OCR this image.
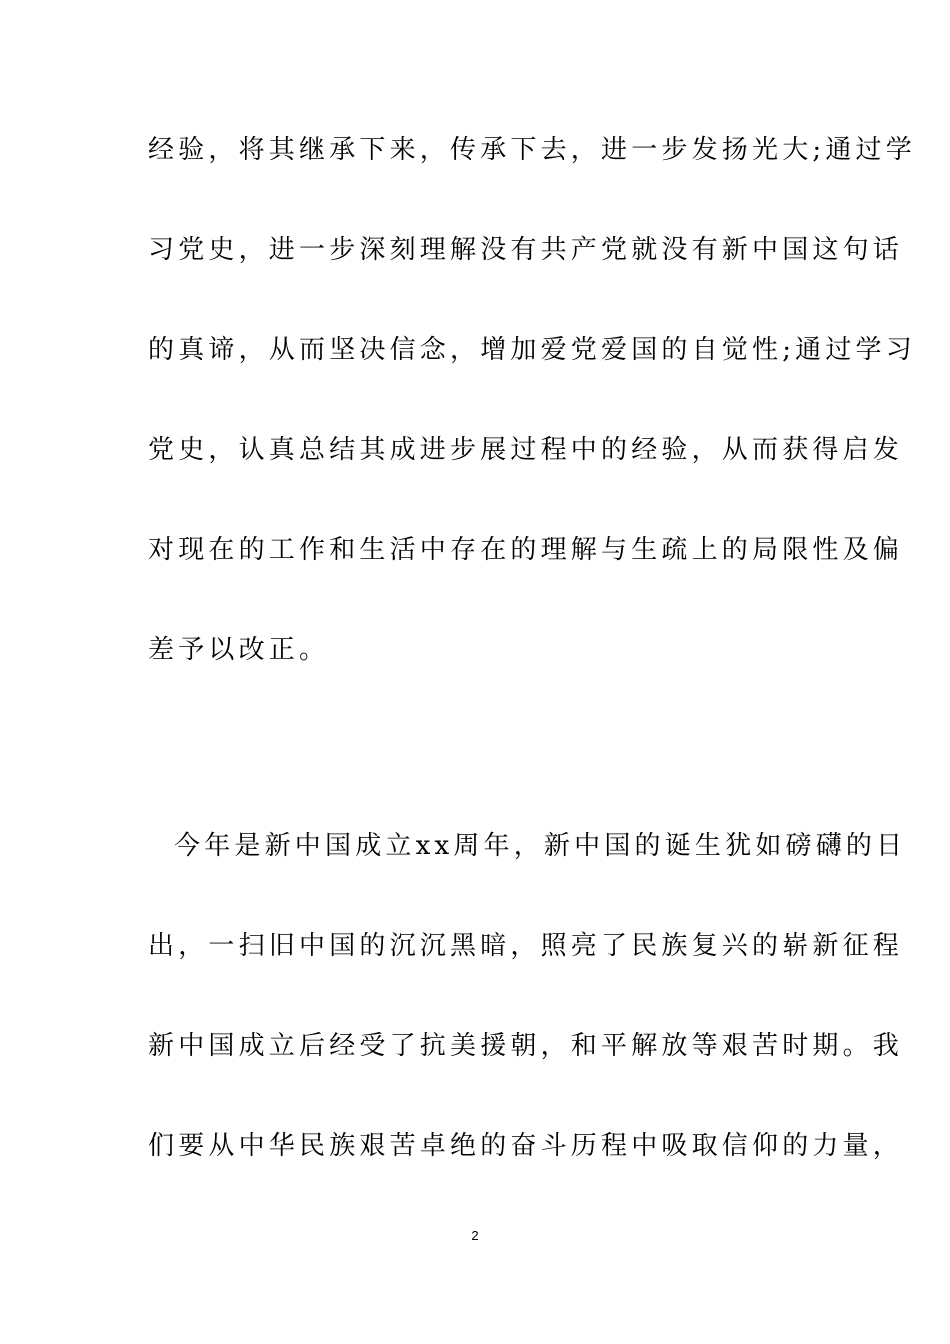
经验，将其继承下来，传承下去，进一步发扬光大;通过学
习党史，进一步深刻理解没有共产党就没有新中国这句话
的真谛，从而坚决信念，增加爱党爱国的自觉性;通过学习
党史，认真总结其成进步展过程中的经验，从而获得启发
对现在的工作和生活中存在的理解与生疏上的局限性及偏
差予以改正。
今年是新中国成立xx周年，新中国的诞生犹如磅礴的日
出，一扫旧中国的沉沉黑暗，照亮了民族复兴的崭新征程
新中国成立后经受了抗美援朝，和平解放等艰苦时期。我
们要从中华民族艰苦卓绝的奋斗历程中吸取信仰的力量，
2
